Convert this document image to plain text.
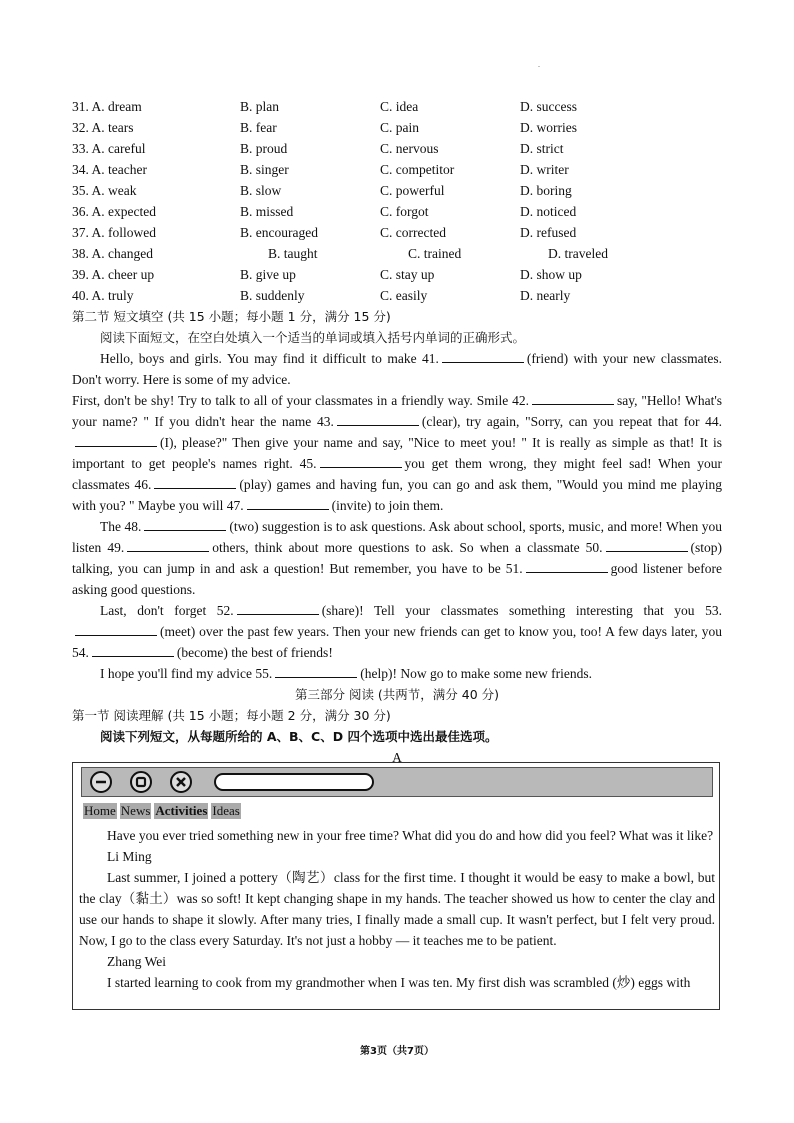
.
31. A. dream	B. plan	C. idea	D. success
32. A. tears	B. fear	C. pain	D. worries
33. A. careful	B. proud	C. nervous	D. strict
34. A. teacher	B. singer	C. competitor	D. writer
35. A. weak	B. slow	C. powerful	D. boring
36. A. expected	B. missed	C. forgot	D. noticed
37. A. followed	B. encouraged	C. corrected	D. refused
38. A. changed	B. taught	C. trained	D. traveled
39. A. cheer up	B. give up	C. stay up	D. show up
40. A. truly	B. suddenly	C. easily	D. nearly
第二节 短文填空 (共 15 小题；每小题 1 分，满分 15 分)
阅读下面短文，在空白处填入一个适当的单词或填入括号内单词的正确形式。

Hello, boys and girls. You may find it difficult to make 41.	(friend) with your new classmates. Don't worry. Here is some of my advice.

First, don't be shy! Try to talk to all of your classmates in a friendly way. Smile 42.	say, "Hello! What's your name? " If you didn't hear the name 43.	(clear), try again, "Sorry, can you repeat that for 44.(I), please?" Then give your name and say, "Nice to meet you! " It is really as simple as that! It is important to get people's names right. 45.	you get them wrong, they might feel sad! When your classmates 46.	(play) games and having fun, you can go and ask them, "Would you mind me playing with you? " Maybe you will 47.	(invite) to join them.

The 48.	(two) suggestion is to ask questions. Ask about school, sports, music, and more! When you listen 49.	others, think about more questions to ask. So when a classmate 50.	(stop) talking, you can jump in and ask a question! But remember, you have to be 51.	good listener before asking good questions.

Last, don't forget 52.	(share)! Tell your classmates something interesting that you 53.(meet) over the past few years. Then your new friends can get to know you, too! A few days later, you 54.	(become) the best of friends!

I hope you'll find my advice 55.	(help)! Now go to make some new friends.

第三部分 阅读 (共两节，满分 40 分)
第一节 阅读理解 (共 15 小题；每小题 2 分，满分 30 分)
阅读下列短文，从每题所给的 A、B、C、D 四个选项中选出最佳选项。
A
Home News Activities Ideas

Have you ever tried something new in your free time? What did you do and how did you feel? What was it like?

Li Ming

Last summer, I joined a pottery（陶艺）class for the first time. I thought it would be easy to make a bowl, but the clay（黏土）was so soft! It kept changing shape in my hands. The teacher showed us how to center the clay and use our hands to shape it slowly. After many tries, I finally made a small cup. It wasn't perfect, but I felt very proud. Now, I go to the class every Saturday. It's not just a hobby — it teaches me to be patient.

Zhang Wei

I started learning to cook from my grandmother when I was ten. My first dish was scrambled (炒) eggs with

第3页（共7页）
